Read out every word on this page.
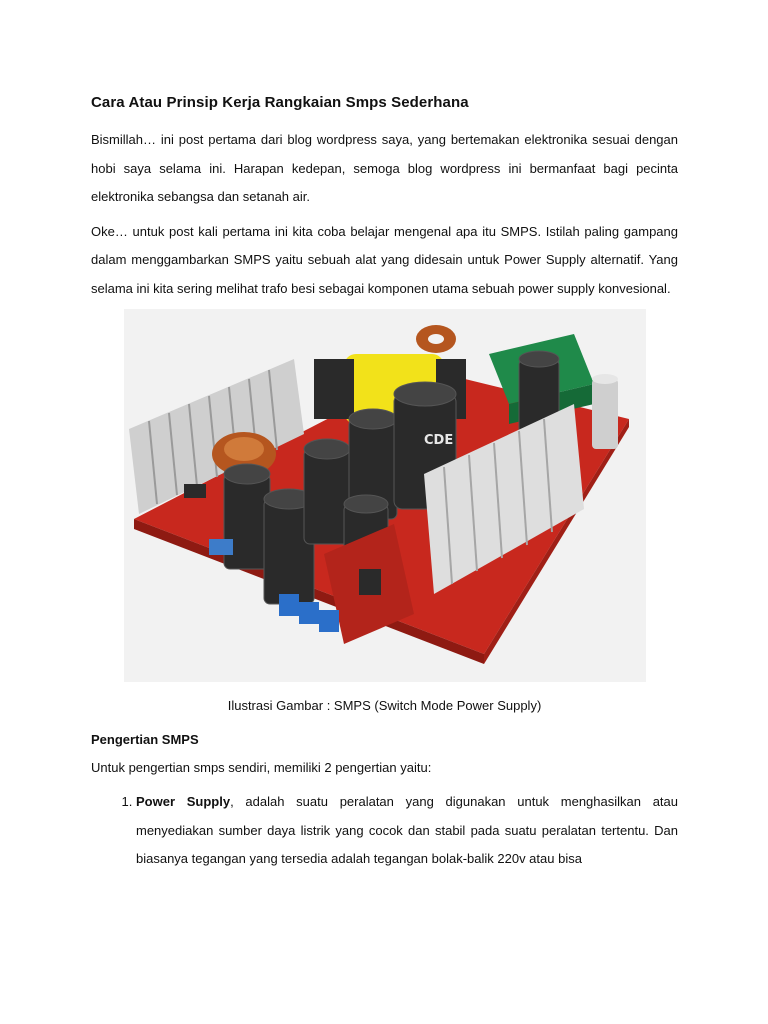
Cara Atau Prinsip Kerja Rangkaian Smps Sederhana

Bismillah… ini post pertama dari blog wordpress saya, yang bertemakan elektronika sesuai dengan hobi saya selama ini. Harapan kedepan, semoga blog wordpress ini bermanfaat bagi pecinta elektronika sebangsa dan setanah air.

Oke… untuk post kali pertama ini kita coba belajar mengenal apa itu SMPS. Istilah paling gampang dalam menggambarkan SMPS yaitu sebuah alat yang didesain untuk Power Supply alternatif. Yang selama ini kita sering melihat trafo besi sebagai komponen utama sebuah power supply konvesional.

CDE

Ilustrasi Gambar : SMPS (Switch Mode Power Supply)

Pengertian SMPS

Untuk pengertian smps sendiri, memiliki 2 pengertian yaitu:

1. Power Supply, adalah suatu peralatan yang digunakan untuk menghasilkan atau menyediakan sumber daya listrik yang cocok dan stabil pada suatu peralatan tertentu. Dan biasanya tegangan yang tersedia adalah tegangan bolak-balik 220v atau bisa
